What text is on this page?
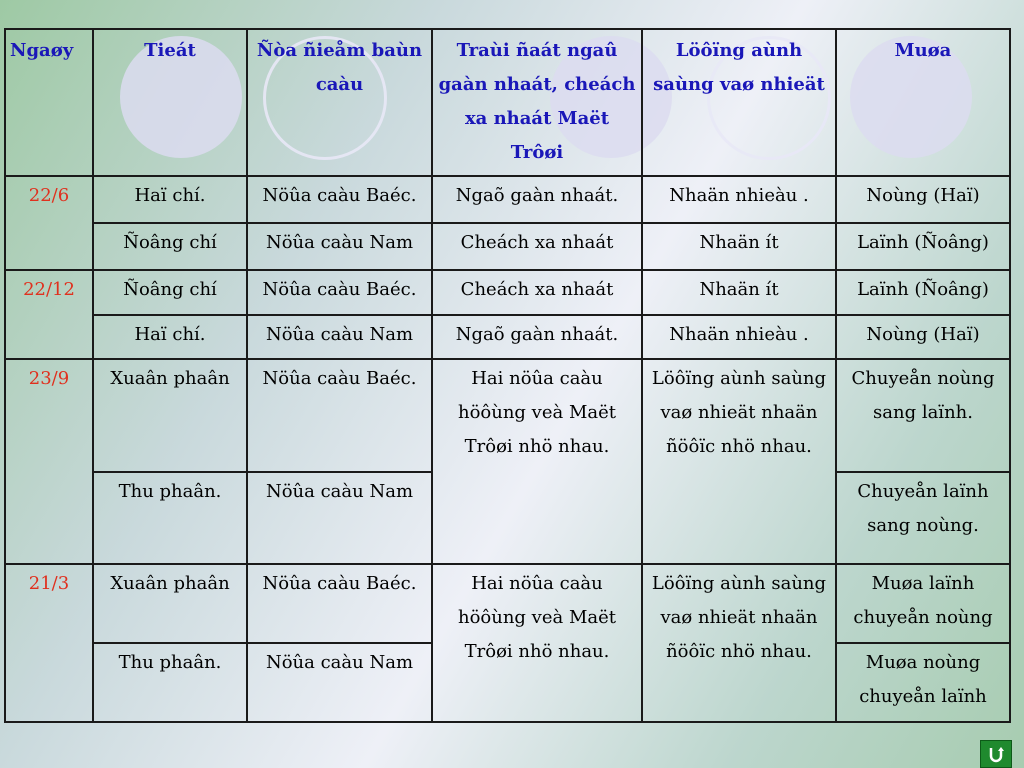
Ngaøy	Tieát	Ñòa ñieåm baùn caàu	Traùi ñaát ngaû gaàn nhaát, cheách xa nhaát Maët Trôøi	Löôïng aùnh saùng vaø nhieät	Muøa
22/6	Haï chí.	Nöûa caàu Baéc.	Ngaõ gaàn nhaát.	Nhaän nhieàu .	Noùng (Haï)
	Ñoâng chí	Nöûa caàu Nam	Cheách xa nhaát	Nhaän ít	Laïnh (Ñoâng)
22/12	Ñoâng chí	Nöûa caàu Baéc.	Cheách xa nhaát	Nhaän ít	Laïnh (Ñoâng)
	Haï chí.	Nöûa caàu Nam	Ngaõ gaàn nhaát.	Nhaän nhieàu .	Noùng (Haï)
23/9	Xuaân phaân	Nöûa caàu Baéc.	Hai nöûa caàu höôùng veà Maët Trôøi nhö nhau.	Löôïng aùnh saùng vaø nhieät nhaän ñöôïc nhö nhau.	Chuyeån noùng sang laïnh.
	Thu phaân.	Nöûa caàu Nam			Chuyeån laïnh sang noùng.
21/3	Xuaân phaân	Nöûa caàu Baéc.	Hai nöûa caàu höôùng veà Maët Trôøi nhö nhau.	Löôïng aùnh saùng vaø nhieät nhaän ñöôïc nhö nhau.	Muøa laïnh chuyeån noùng
	Thu phaân.	Nöûa caàu Nam			Muøa noùng chuyeån laïnh
